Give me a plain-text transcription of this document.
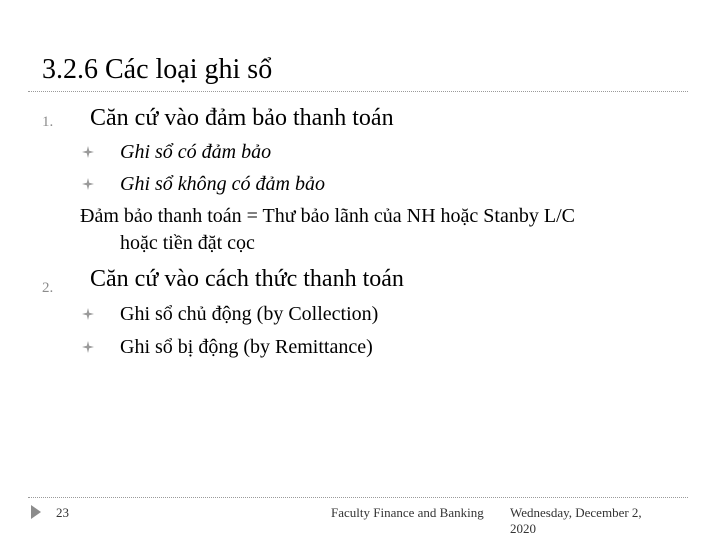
3.2.6 Các loại ghi sổ
1. Căn cứ vào đảm bảo thanh toán
Ghi sổ có đảm bảo
Ghi sổ không có đảm bảo
Đảm bảo thanh toán = Thư bảo lãnh của NH hoặc Stanby L/C
hoặc tiền đặt cọc
2. Căn cứ vào cách thức thanh toán
Ghi sổ chủ động (by Collection)
Ghi sổ bị động (by Remittance)
23	Faculty Finance and Banking Wednesday, December 2,
2020
